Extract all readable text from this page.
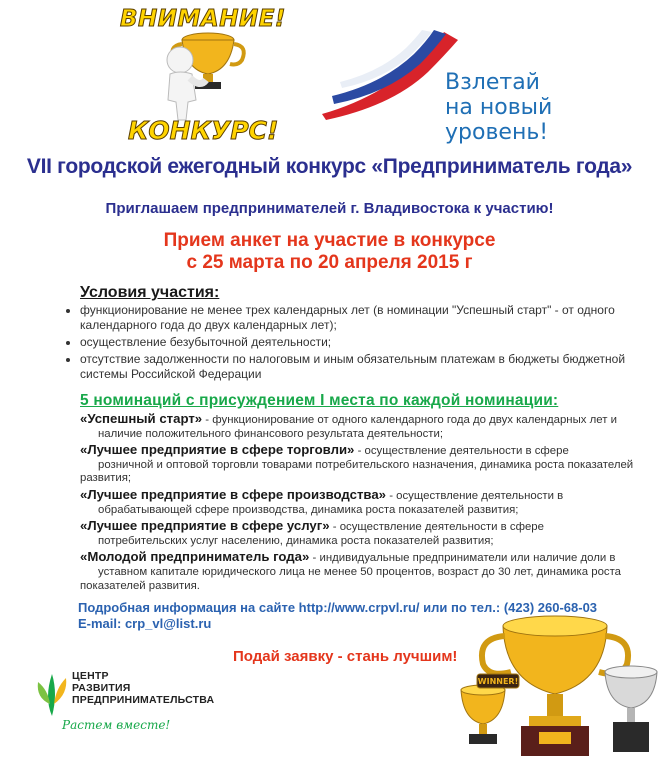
ВНИМАНИЕ!
КОНКУРС!
Взлетай
на новый уровень!
VII городской ежегодный конкурс «Предприниматель года»
Приглашаем предпринимателей г. Владивостока к участию!
Прием анкет на участие в конкурсе
с 25 марта по 20 апреля 2015 г
Условия участия:
• функционирование не менее трех календарных лет (в номинации "Успешный старт" - от одного календарного года до двух календарных лет);
• осуществление безубыточной деятельности;
• отсутствие задолженности по налоговым и иным обязательным платежам в бюджеты бюджетной системы Российской Федерации
5 номинаций с присуждением I места по каждой номинации:

«Успешный старт» - функционирование от одного календарного года до двух календарных лет и
наличие положительного финансового результата деятельности;

«Лучшее предприятие в сфере торговли» - осуществление деятельности в сфере
розничной и оптовой торговли товарами потребительского назначения, динамика роста показателей развития;

«Лучшее предприятие в сфере производства» - осуществление деятельности в
обрабатывающей сфере производства, динамика роста показателей развития;

«Лучшее предприятие в сфере услуг» - осуществление деятельности в сфере
потребительских услуг населению, динамика роста показателей развития;

«Молодой предприниматель года» - индивидуальные предприниматели или наличие доли в
уставном капитале юридического лица не менее 50 процентов, возраст до 30 лет, динамика роста показателей развития.

Подробная информация на сайте http://www.crpvl.ru/ или по тел.: (423) 260-68-03
E-mail: crp_vl@list.ru
Подай заявку - стань лучшим!
ЦЕНТР
РАЗВИТИЯ
ПРЕДПРИНИМАТЕЛЬСТВА
Растем вместе!
WINNER!
